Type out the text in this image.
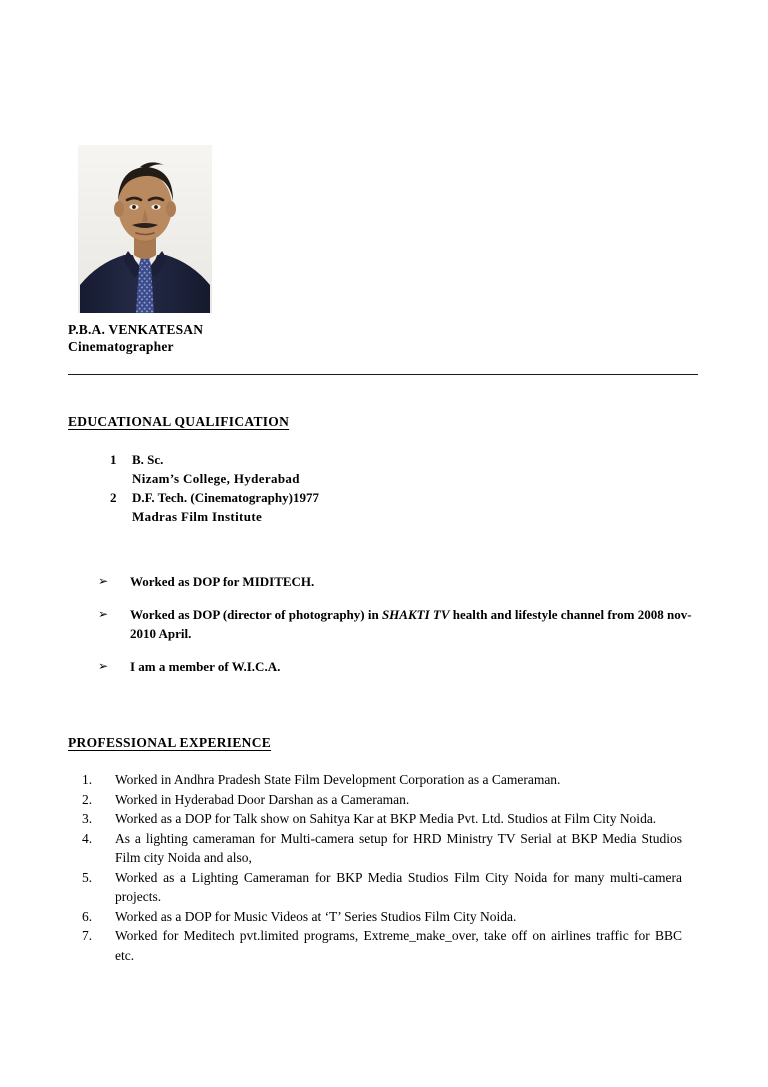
P.B.A. VENKATESAN
Cinematographer
EDUCATIONAL QUALIFICATION
1	B. Sc.
Nizam’s College, Hyderabad
2	D.F. Tech. (Cinematography)1977
Madras Film Institute
➢	Worked as DOP for MIDITECH.
➢	Worked as DOP (director of photography) in SHAKTI TV health and lifestyle channel from 2008 nov-2010 April.
➢	I am a member of W.I.C.A.
PROFESSIONAL EXPERIENCE
1.	Worked in Andhra Pradesh State Film Development Corporation as a Cameraman.
2.	Worked in Hyderabad Door Darshan as a Cameraman.
3.	Worked as a DOP for Talk show on Sahitya Kar at BKP Media Pvt. Ltd. Studios at Film City Noida.
4.	As a lighting cameraman for Multi-camera setup for HRD Ministry TV Serial at BKP Media Studios Film city Noida and also,
5.	Worked as a Lighting Cameraman for BKP Media Studios Film City Noida for many multi-camera projects.
6.	Worked as a DOP for Music Videos at ‘T’ Series Studios Film City Noida.
7.	Worked for Meditech pvt.limited programs, Extreme_make_over, take off on airlines traffic for BBC etc.
